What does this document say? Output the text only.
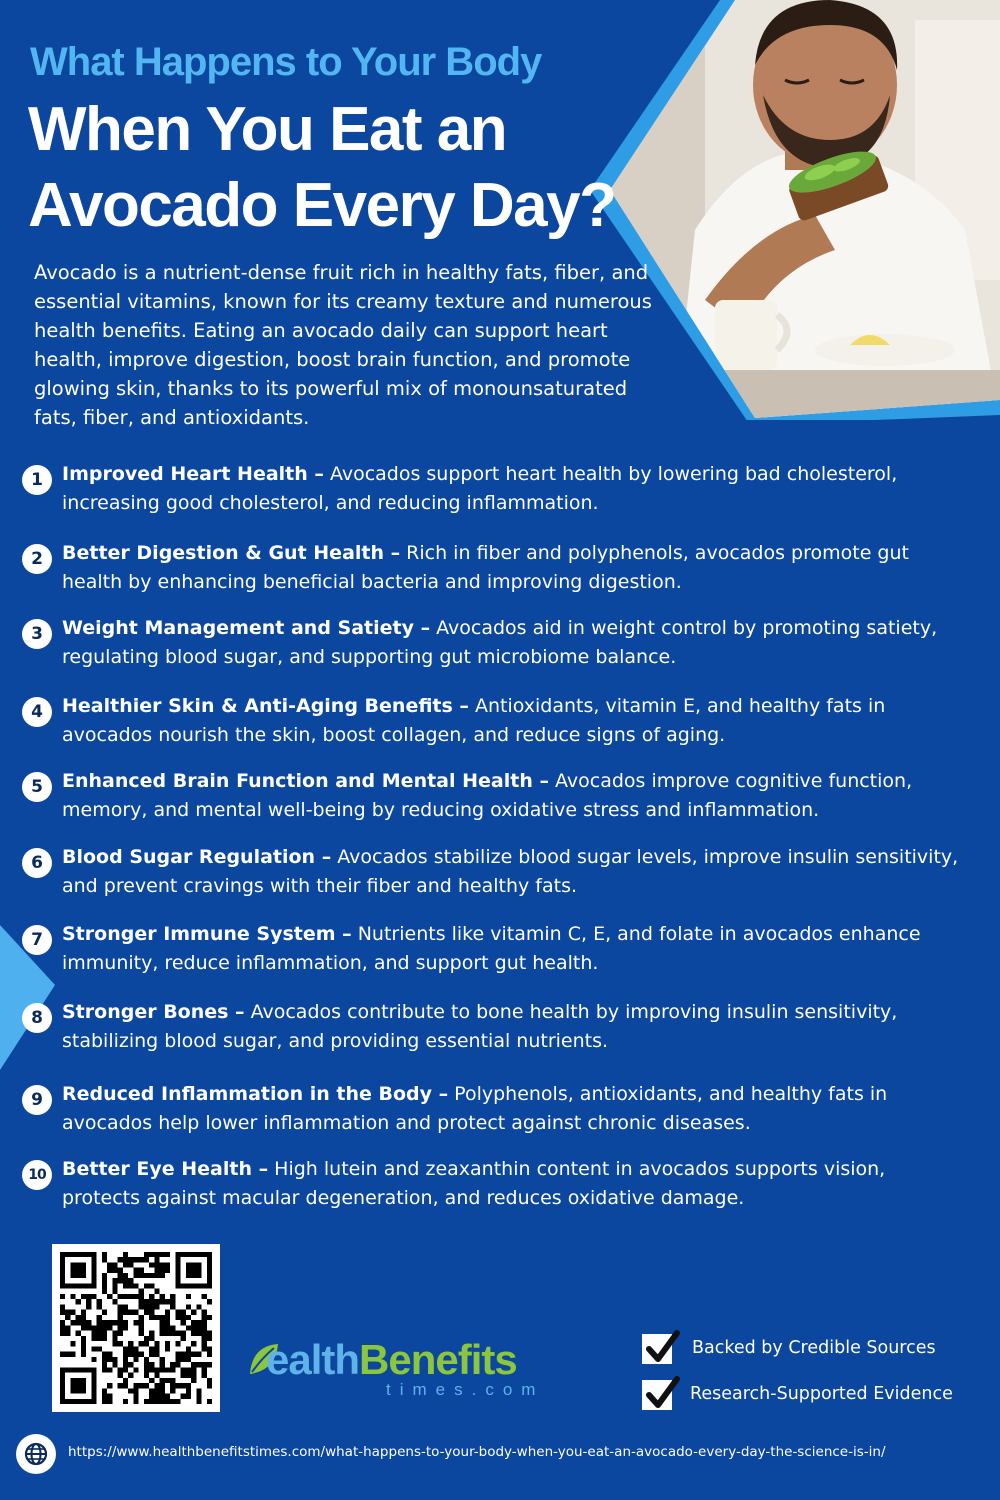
What Happens to Your Body
When You Eat an
Avocado Every Day?

Avocado is a nutrient-dense fruit rich in healthy fats, fiber, and essential vitamins, known for its creamy texture and numerous health benefits. Eating an avocado daily can support heart health, improve digestion, boost brain function, and promote glowing skin, thanks to its powerful mix of monounsaturated fats, fiber, and antioxidants.

1	Improved Heart Health – Avocados support heart health by lowering bad cholesterol, increasing good cholesterol, and reducing inflammation.
2	Better Digestion & Gut Health – Rich in fiber and polyphenols, avocados promote gut health by enhancing beneficial bacteria and improving digestion.
3	Weight Management and Satiety – Avocados aid in weight control by promoting satiety, regulating blood sugar, and supporting gut microbiome balance.
4	Healthier Skin & Anti-Aging Benefits – Antioxidants, vitamin E, and healthy fats in avocados nourish the skin, boost collagen, and reduce signs of aging.
5	Enhanced Brain Function and Mental Health – Avocados improve cognitive function, memory, and mental well-being by reducing oxidative stress and inflammation.
6	Blood Sugar Regulation – Avocados stabilize blood sugar levels, improve insulin sensitivity, and prevent cravings with their fiber and healthy fats.
7	Stronger Immune System – Nutrients like vitamin C, E, and folate in avocados enhance immunity, reduce inflammation, and support gut health.
8	Stronger Bones – Avocados contribute to bone health by improving insulin sensitivity, stabilizing blood sugar, and providing essential nutrients.
9	Reduced Inflammation in the Body – Polyphenols, antioxidants, and healthy fats in avocados help lower inflammation and protect against chronic diseases.
10 Better Eye Health – High lutein and zeaxanthin content in avocados supports vision, protects against macular degeneration, and reduces oxidative damage.
ealthBenefits
times.com
Backed by Credible Sources
Research-Supported Evidence
https://www.healthbenefitstimes.com/what-happens-to-your-body-when-you-eat-an-avocado-every-day-the-science-is-in/
